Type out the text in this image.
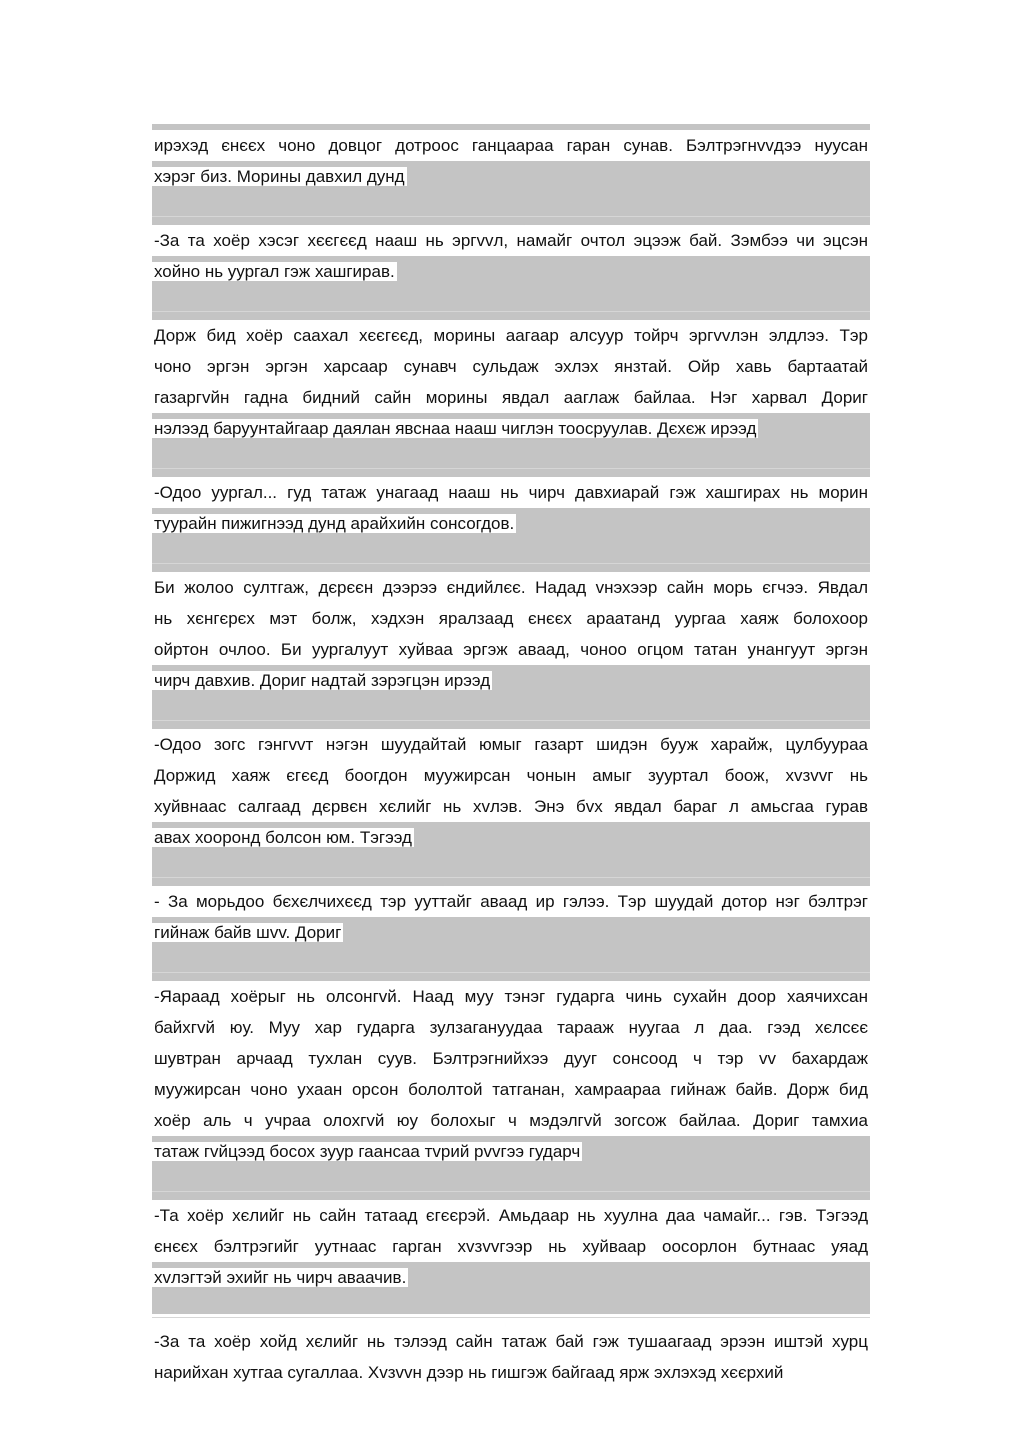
ирэхэд єнєєх чоно довцог дотроос ганцаараа гаран сунав. Бэлтрэгнvvдээ нуусан
хэрэг биз. Морины давхил дунд
-За та хоёр хэсэг хєєгєєд нааш нь эргvvл, намайг очтол эцээж бай. Зэмбээ чи эцсэн
хойно нь уургал гэж хашгирав.
Дорж бид хоёр саахал хєєгєєд, морины аагаар алсуур тойрч эргvvлэн элдлээ. Тэр
чоно эргэн эргэн харсаар сунавч сульдаж эхлэх янзтай. Ойр хавь бартаатай
газаргvйн гадна бидний сайн морины явдал ааглаж байлаа. Нэг харвал Дориг
нэлээд баруунтайгаар даялан явснаа нааш чиглэн тоосруулав. Дєхєж ирээд
-Одоо уургал... гуд татаж унагаад нааш нь чирч давхиарай гэж хашгирах нь морин
туурайн пижигнээд дунд арайхийн сонсогдов.
Би жолоо султгаж, дєрєєн дээрээ єндийлєє. Надад vнэхээр сайн морь єгчээ. Явдал
нь хєнгєрєх мэт болж, хэдхэн яралзаад єнєєх араатанд уургаа хаяж болохоор
ойртон очлоо. Би уургалуут хуйваа эргэж аваад, чоноо огцом татан унангуут эргэн
чирч давхив. Дориг надтай зэрэгцэн ирээд
-Одоо зогс гэнгvvт нэгэн шуудайтай юмыг газарт шидэн бууж харайж, цулбуураа
Доржид хаяж єгєєд боогдон муужирсан чонын амыг зууртал боож, хvзvvг нь
хуйвнаас салгаад дєрвєн хєлийг нь хvлэв. Энэ бvх явдал бараг л амьсгаа гурав
авах хооронд болсон юм. Тэгээд
- За морьдоо бєхєлчихєєд тэр ууттайг аваад ир гэлээ. Тэр шуудай дотор нэг бэлтрэг
гийнаж байв шvv. Дориг
-Яараад хоёрыг нь олсонгvй. Наад муу тэнэг гударга чинь сухайн доор хаячихсан
байхгvй юу. Муу хар гударга зулзагануудаа тарааж нуугаа л даа. гээд хєлсєє
шувтран арчаад тухлан суув. Бэлтрэгнийхээ дууг сонсоод ч тэр vv бахардаж
муужирсан чоно ухаан орсон бололтой татганан, хамраараа гийнаж байв. Дорж бид
хоёр аль ч учраа олохгvй юу болохыг ч мэдэлгvй зогсож байлаа. Дориг тамхиа
татаж гvйцээд босох зуур гаансаа тvрий рvvгээ гударч
-Та хоёр хєлийг нь сайн татаад єгєєрэй. Амьдаар нь хуулна даа чамайг... гэв. Тэгээд
єнєєх бэлтрэгийг уутнаас гарган хvзvvгээр нь хуйваар оосорлон бутнаас уяад
хvлэгтэй эхийг нь чирч аваачив.
-За та хоёр хойд хєлийг нь тэлээд сайн татаж бай гэж тушаагаад эрээн иштэй хурц
нарийхан хутгаа сугаллаа. Хvзvvн дээр нь гишгэж байгаад ярж эхлэхэд хєєрхий
